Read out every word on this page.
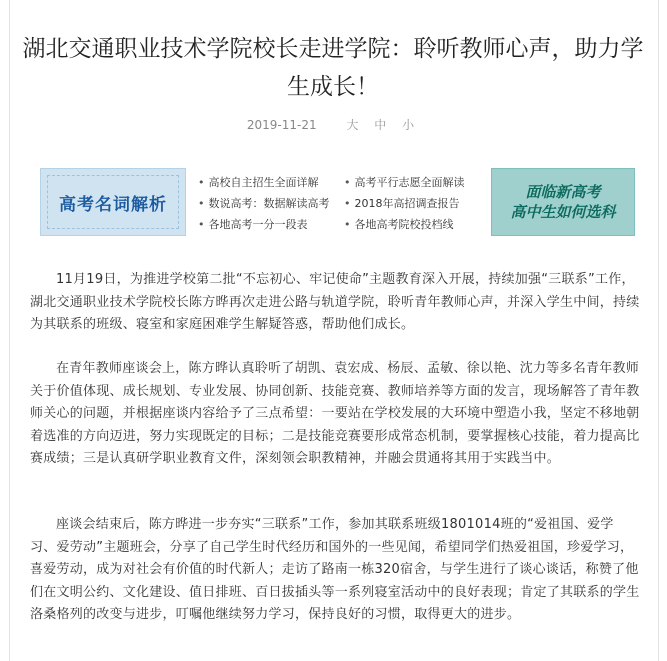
湖北交通职业技术学院校长走进学院：聆听教师心声，助力学生成长！
2019-11-21 大 中 小
高考名词解析
• 高校自主招生全面详解	• 高考平行志愿全面解读
• 数说高考：数据解读高考	• 2018年高招调查报告
• 各地高考一分一段表	• 各地高考院校投档线
面临新高考
高中生如何选科

11月19日，为推进学校第二批“不忘初心、牢记使命”主题教育深入开展，持续加强“三联系”工作，湖北交通职业技术学院校长陈方晔再次走进公路与轨道学院，聆听青年教师心声，并深入学生中间，持续为其联系的班级、寝室和家庭困难学生解疑答惑，帮助他们成长。

在青年教师座谈会上，陈方晔认真聆听了胡凯、袁宏成、杨辰、孟敏、徐以艳、沈力等多名青年教师关于价值体现、成长规划、专业发展、协同创新、技能竞赛、教师培养等方面的发言，现场解答了青年教师关心的问题，并根据座谈内容给予了三点希望：一要站在学校发展的大环境中塑造小我，坚定不移地朝着选准的方向迈进，努力实现既定的目标；二是技能竞赛要形成常态机制，要掌握核心技能，着力提高比赛成绩；三是认真研学职业教育文件，深刻领会职教精神，并融会贯通将其用于实践当中。

座谈会结束后，陈方晔进一步夯实“三联系”工作，参加其联系班级1801014班的“爱祖国、爱学习、爱劳动”主题班会，分享了自己学生时代经历和国外的一些见闻，希望同学们热爱祖国，珍爱学习，喜爱劳动，成为对社会有价值的时代新人；走访了路南一栋320宿舍，与学生进行了谈心谈话，称赞了他们在文明公约、文化建设、值日排班、百日拔插头等一系列寝室活动中的良好表现；肯定了其联系的学生洛桑格列的改变与进步，叮嘱他继续努力学习，保持良好的习惯，取得更大的进步。
